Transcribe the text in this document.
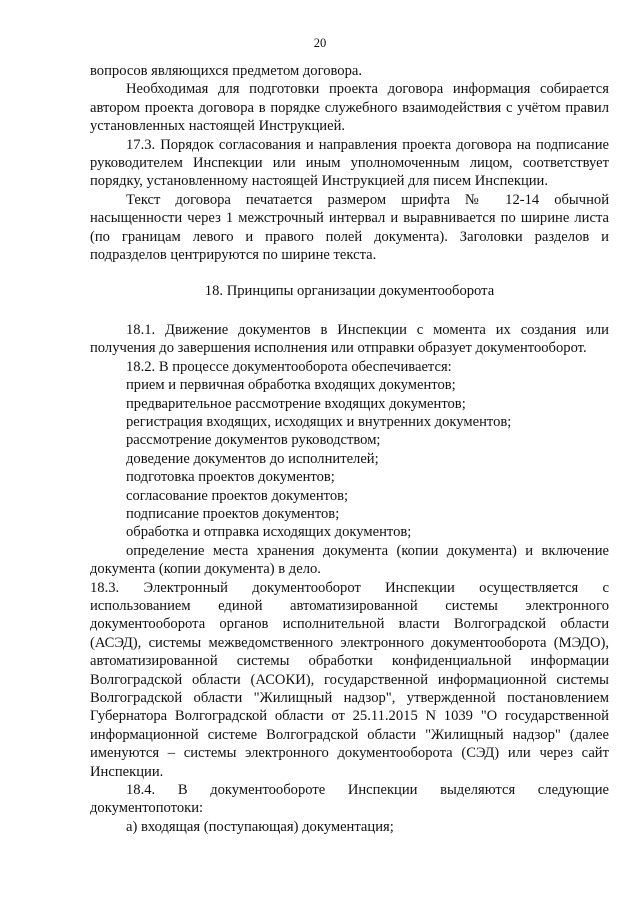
20

вопросов являющихся предметом договора.

Необходимая для подготовки проекта договора информация собирается автором проекта договора в порядке служебного взаимодействия с учётом правил установленных настоящей Инструкцией.

17.3. Порядок согласования и направления проекта договора на подписание руководителем Инспекции или иным уполномоченным лицом, соответствует порядку, установленному настоящей Инструкцией для писем Инспекции.

Текст договора печатается размером шрифта № 12-14 обычной насыщенности через 1 межстрочный интервал и выравнивается по ширине листа (по границам левого и правого полей документа). Заголовки разделов и подразделов центрируются по ширине текста.

18. Принципы организации документооборота

18.1. Движение документов в Инспекции с момента их создания или получения до завершения исполнения или отправки образует документооборот.

18.2. В процессе документооборота обеспечивается:

прием и первичная обработка входящих документов;

предварительное рассмотрение входящих документов;

регистрация входящих, исходящих и внутренних документов;

рассмотрение документов руководством;

доведение документов до исполнителей;

подготовка проектов документов;

согласование проектов документов;

подписание проектов документов;

обработка и отправка исходящих документов;

определение места хранения документа (копии документа) и включение документа (копии документа) в дело.

18.3. Электронный документооборот Инспекции осуществляется с использованием единой автоматизированной системы электронного документооборота органов исполнительной власти Волгоградской области (АСЭД), системы межведомственного электронного документооборота (МЭДО), автоматизированной системы обработки конфиденциальной информации Волгоградской области (АСОКИ), государственной информационной системы Волгоградской области "Жилищный надзор", утвержденной постановлением Губернатора Волгоградской области от 25.11.2015 N 1039 "О государственной информационной системе Волгоградской области "Жилищный надзор" (далее именуются – системы электронного документооборота (СЭД) или через сайт Инспекции.

18.4. В документообороте Инспекции выделяются следующие документопотоки:

а) входящая (поступающая) документация;
